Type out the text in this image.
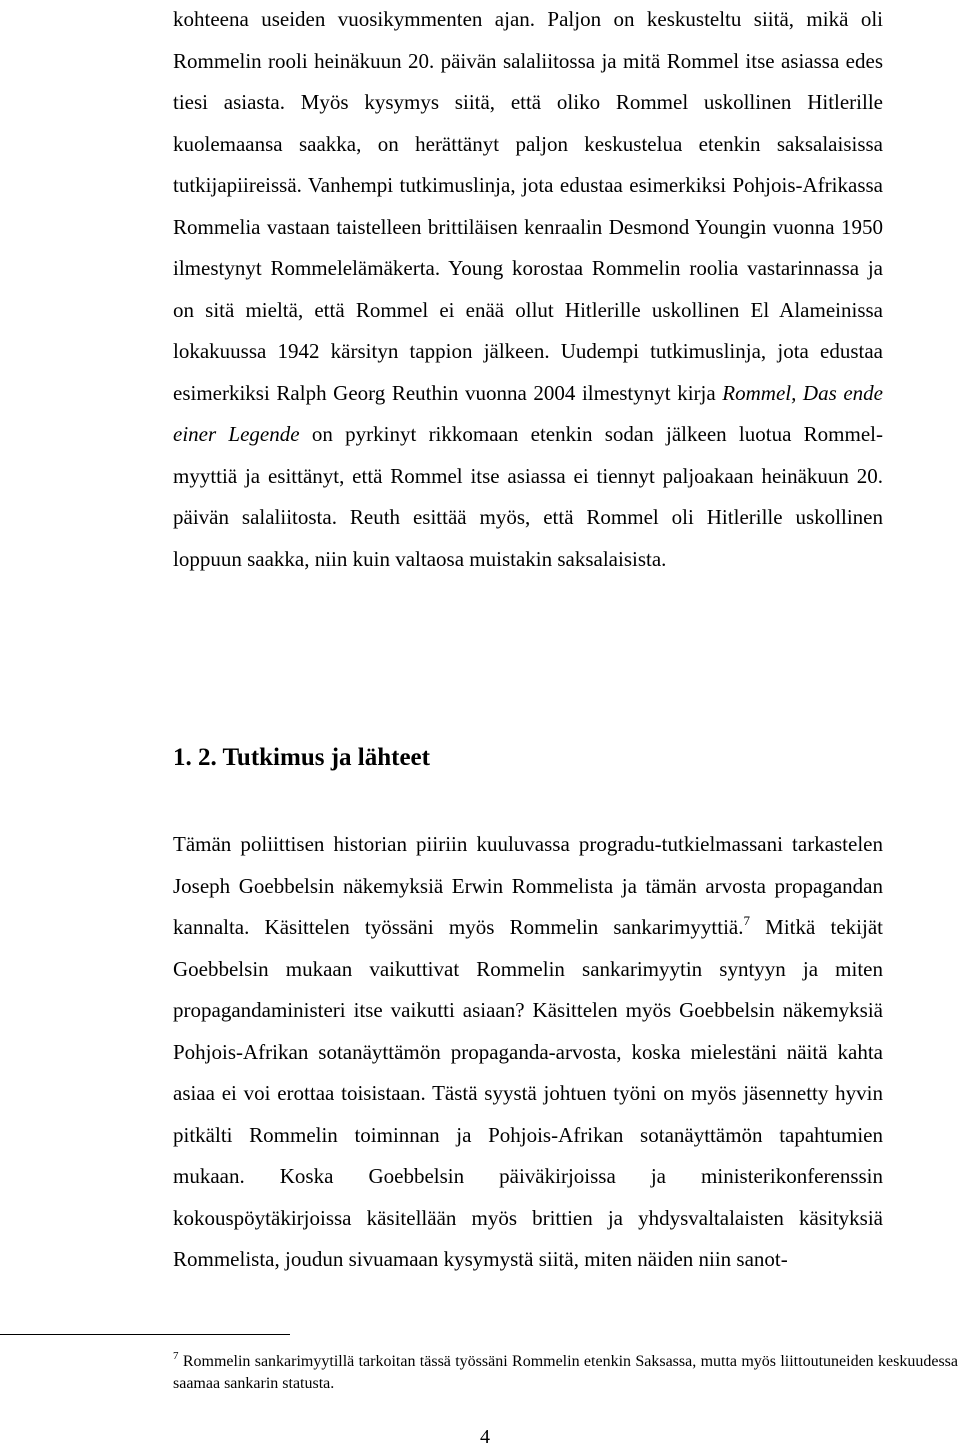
kohteena useiden vuosikymmenten ajan. Paljon on keskusteltu siitä, mikä oli Rommelin rooli heinäkuun 20. päivän salaliitossa ja mitä Rommel itse asiassa edes tiesi asiasta. Myös kysymys siitä, että oliko Rommel uskollinen Hitlerille kuolemaansa saakka, on herättänyt paljon keskustelua etenkin saksalaisissa tutkijapiireissä. Vanhempi tutkimuslinja, jota edustaa esimerkiksi Pohjois-Afrikassa Rommelia vastaan taistelleen brittiläisen kenraalin Desmond Youngin vuonna 1950 ilmestynyt Rommelelämäkerta. Young korostaa Rommelin roolia vastarinnassa ja on sitä mieltä, että Rommel ei enää ollut Hitlerille uskollinen El Alameinissa lokakuussa 1942 kärsityn tappion jälkeen. Uudempi tutkimuslinja, jota edustaa esimerkiksi Ralph Georg Reuthin vuonna 2004 ilmestynyt kirja Rommel, Das ende einer Legende on pyrkinyt rikkomaan etenkin sodan jälkeen luotua Rommel-myyttiä ja esittänyt, että Rommel itse asiassa ei tiennyt paljoakaan heinäkuun 20. päivän salaliitosta. Reuth esittää myös, että Rommel oli Hitlerille uskollinen loppuun saakka, niin kuin valtaosa muistakin saksalaisista.

1. 2. Tutkimus ja lähteet

Tämän poliittisen historian piiriin kuuluvassa progradu-tutkielmassani tarkastelen Joseph Goebbelsin näkemyksiä Erwin Rommelista ja tämän arvosta propagandan kannalta. Käsittelen työssäni myös Rommelin sankarimyyttiä.$^7$ Mitkä tekijät Goebbelsin mukaan vaikuttivat Rommelin sankarimyytin syntyyn ja miten propagandaministeri itse vaikutti asiaan? Käsittelen myös Goebbelsin näkemyksiä Pohjois-Afrikan sotanäyttämön propaganda-arvosta, koska mielestäni näitä kahta asiaa ei voi erottaa toisistaan. Tästä syystä johtuen työni on myös jäsennetty hyvin pitkälti Rommelin toiminnan ja Pohjois-Afrikan sotanäyttämön tapahtumien mukaan. Koska Goebbelsin päiväkirjoissa ja ministerikonferenssin kokouspöytäkirjoissa käsitellään myös brittien ja yhdysvaltalaisten käsityksiä Rommelista, joudun sivuamaan kysymystä siitä, miten näiden niin sanot-

$^7$ Rommelin sankarimyytillä tarkoitan tässä työssäni Rommelin etenkin Saksassa, mutta myös liittoutuneiden keskuudessa saamaa sankarin statusta.

4
